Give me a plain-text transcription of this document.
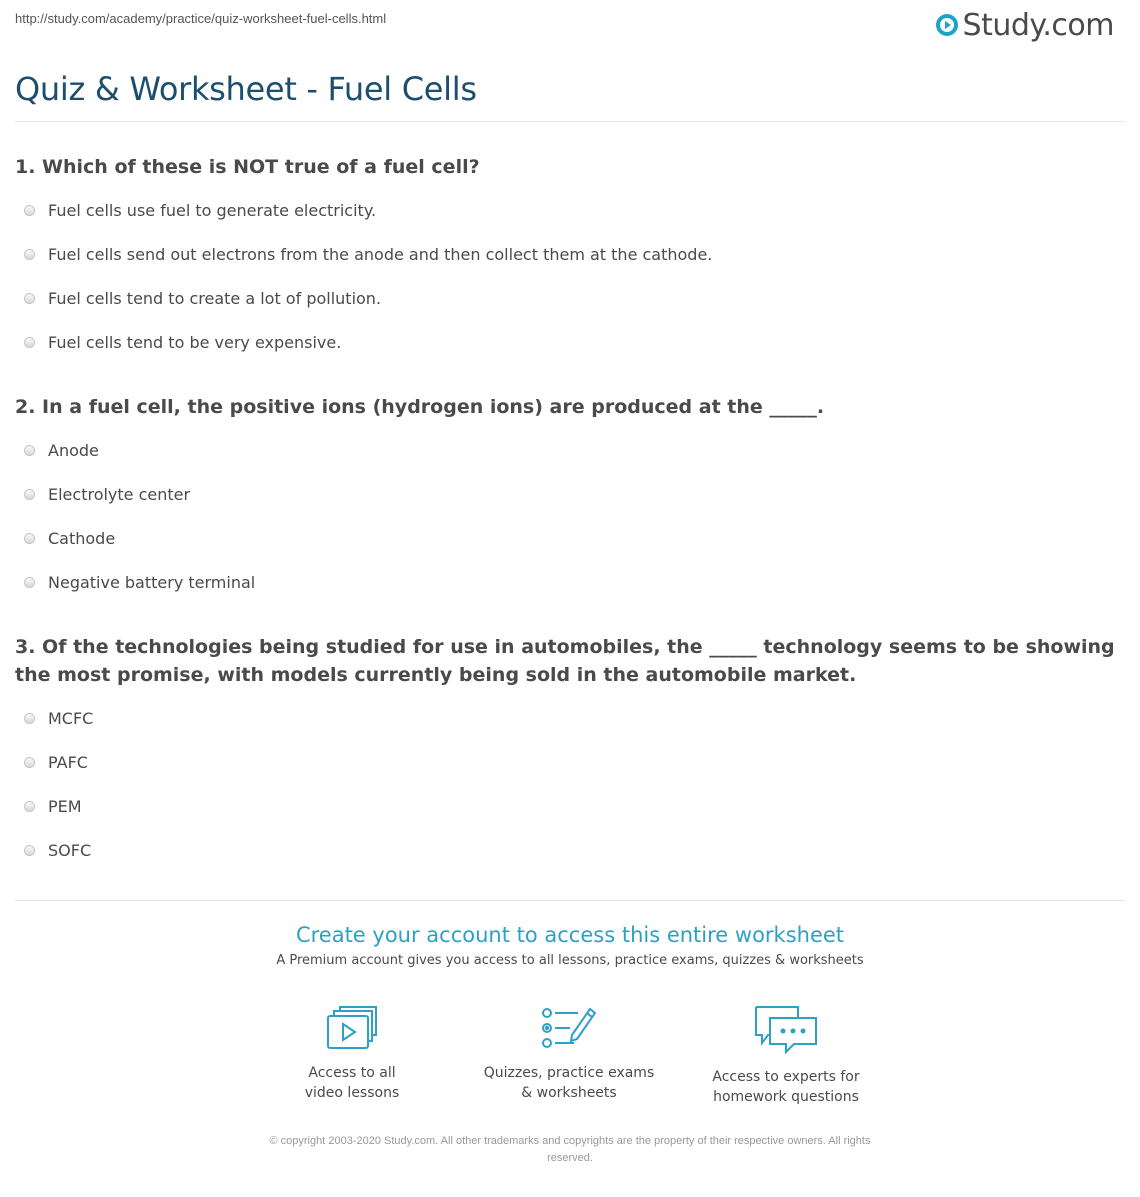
http://study.com/academy/practice/quiz-worksheet-fuel-cells.html	Study.com
Quiz & Worksheet - Fuel Cells

1. Which of these is NOT true of a fuel cell?

Fuel cells use fuel to generate electricity.
Fuel cells send out electrons from the anode and then collect them at the cathode.
Fuel cells tend to create a lot of pollution.
Fuel cells tend to be very expensive.

2. In a fuel cell, the positive ions (hydrogen ions) are produced at the _____.

Anode
Electrolyte center
Cathode
Negative battery terminal

3. Of the technologies being studied for use in automobiles, the _____ technology seems to be showing the most promise, with models currently being sold in the automobile market.

MCFC
PAFC
PEM
SOFC
Create your account to access this entire worksheet
A Premium account gives you access to all lessons, practice exams, quizzes & worksheets
Access to all
video lessons
Quizzes, practice exams
& worksheets
Access to experts for
homework questions
© copyright 2003-2020 Study.com. All other trademarks and copyrights are the property of their respective owners. All rights
reserved.
